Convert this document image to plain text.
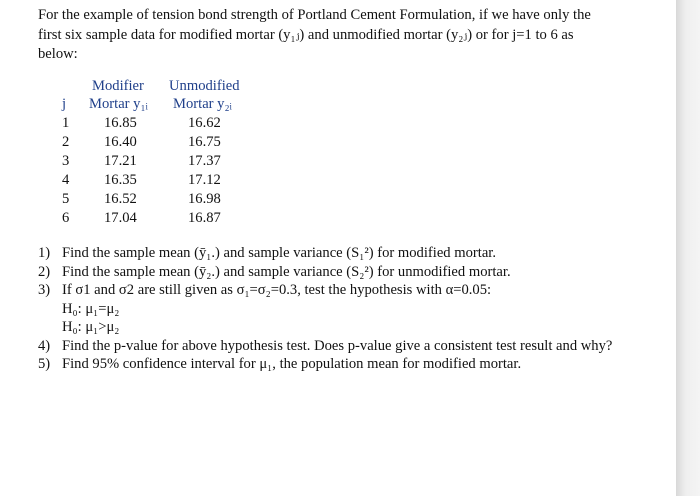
For the example of tension bond strength of Portland Cement Formulation, if we have only the
first six sample data for modified mortar (y₁ⱼ) and unmodified mortar (y₂ⱼ) or for j=1 to 6 as
below:
Modifier Unmodified
j Mortar y₁ᵢ Mortar y₂ᵢ
1 16.85	16.62
2 16.40	16.75
3 17.21	17.37
4 16.35	17.12
5 16.52	16.98
6 17.04	16.87
1) Find the sample mean (ȳ₁.) and sample variance (S₁²) for modified mortar.
2) Find the sample mean (ȳ₂.) and sample variance (S₂²) for unmodified mortar.
3) If σ1 and σ2 are still given as σ₁=σ₂=0.3, test the hypothesis with α=0.05:
H₀: μ₁=μ₂
H₀: μ₁>μ₂
4) Find the p-value for above hypothesis test. Does p-value give a consistent test result and why?
5) Find 95% confidence interval for μ₁, the population mean for modified mortar.
